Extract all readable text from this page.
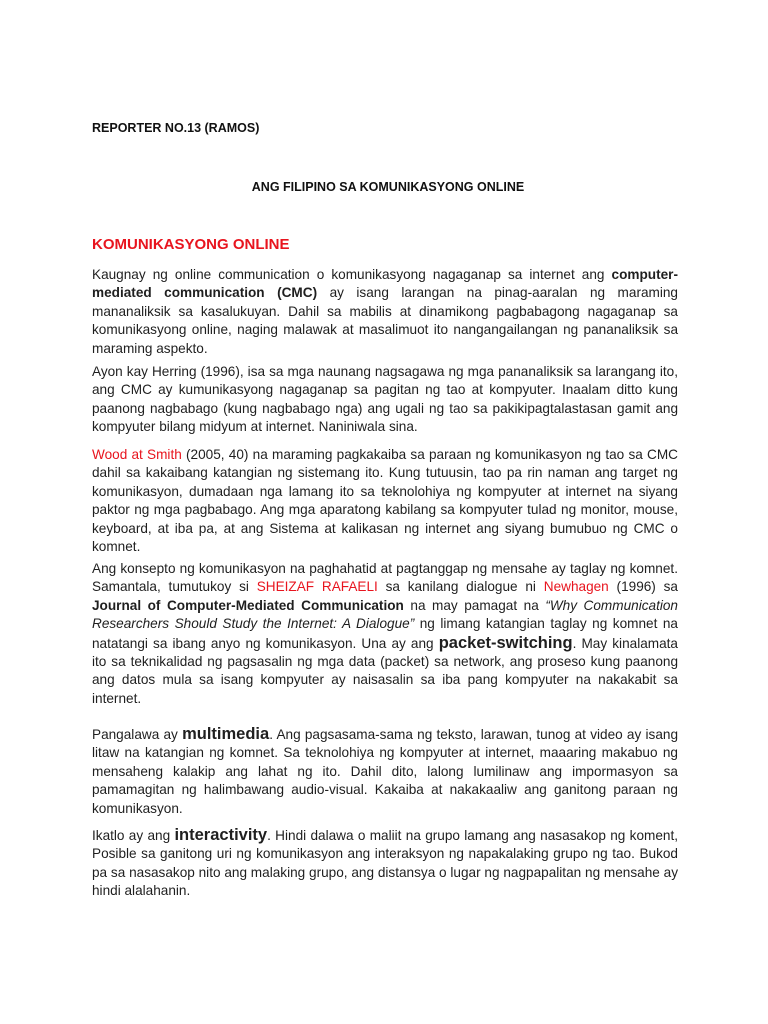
REPORTER NO.13 (RAMOS)
ANG FILIPINO SA KOMUNIKASYONG ONLINE
KOMUNIKASYONG ONLINE

Kaugnay ng online communication o komunikasyong nagaganap sa internet ang computer-mediated communication (CMC) ay isang larangan na pinag-aaralan ng maraming mananaliksik sa kasalukuyan. Dahil sa mabilis at dinamikong pagbabagong nagaganap sa komunikasyong online, naging malawak at masalimuot ito nangangailangan ng pananaliksik sa maraming aspekto.

Ayon kay Herring (1996), isa sa mga naunang nagsagawa ng mga pananaliksik sa larangang ito, ang CMC ay kumunikasyong nagaganap sa pagitan ng tao at kompyuter. Inaalam ditto kung paanong nagbabago (kung nagbabago nga) ang ugali ng tao sa pakikipagtalastasan gamit ang kompyuter bilang midyum at internet. Naniniwala sina.

Wood at Smith (2005, 40) na maraming pagkakaiba sa paraan ng komunikasyon ng tao sa CMC dahil sa kakaibang katangian ng sistemang ito. Kung tutuusin, tao pa rin naman ang target ng komunikasyon, dumadaan nga lamang ito sa teknolohiya ng kompyuter at internet na siyang paktor ng mga pagbabago. Ang mga aparatong kabilang sa kompyuter tulad ng monitor, mouse, keyboard, at iba pa, at ang Sistema at kalikasan ng internet ang siyang bumubuo ng CMC o komnet.

Ang konsepto ng komunikasyon na paghahatid at pagtanggap ng mensahe ay taglay ng komnet. Samantala, tumutukoy si SHEIZAF RAFAELI sa kanilang dialogue ni Newhagen (1996) sa Journal of Computer-Mediated Communication na may pamagat na “Why Communication Researchers Should Study the Internet: A Dialogue” ng limang katangian taglay ng komnet na natatangi sa ibang anyo ng komunikasyon. Una ay ang packet-switching. May kinalamata ito sa teknikalidad ng pagsasalin ng mga data (packet) sa network, ang proseso kung paanong ang datos mula sa isang kompyuter ay naisasalin sa iba pang kompyuter na nakakabit sa internet.

Pangalawa ay multimedia. Ang pagsasama-sama ng teksto, larawan, tunog at video ay isang litaw na katangian ng komnet. Sa teknolohiya ng kompyuter at internet, maaaring makabuo ng mensaheng kalakip ang lahat ng ito. Dahil dito, lalong lumilinaw ang impormasyon sa pamamagitan ng halimbawang audio-visual. Kakaiba at nakakaaliw ang ganitong paraan ng komunikasyon.

Ikatlo ay ang interactivity. Hindi dalawa o maliit na grupo lamang ang nasasakop ng koment, Posible sa ganitong uri ng komunikasyon ang interaksyon ng napakalaking grupo ng tao. Bukod pa sa nasasakop nito ang malaking grupo, ang distansya o lugar ng nagpapalitan ng mensahe ay hindi alalahanin.
